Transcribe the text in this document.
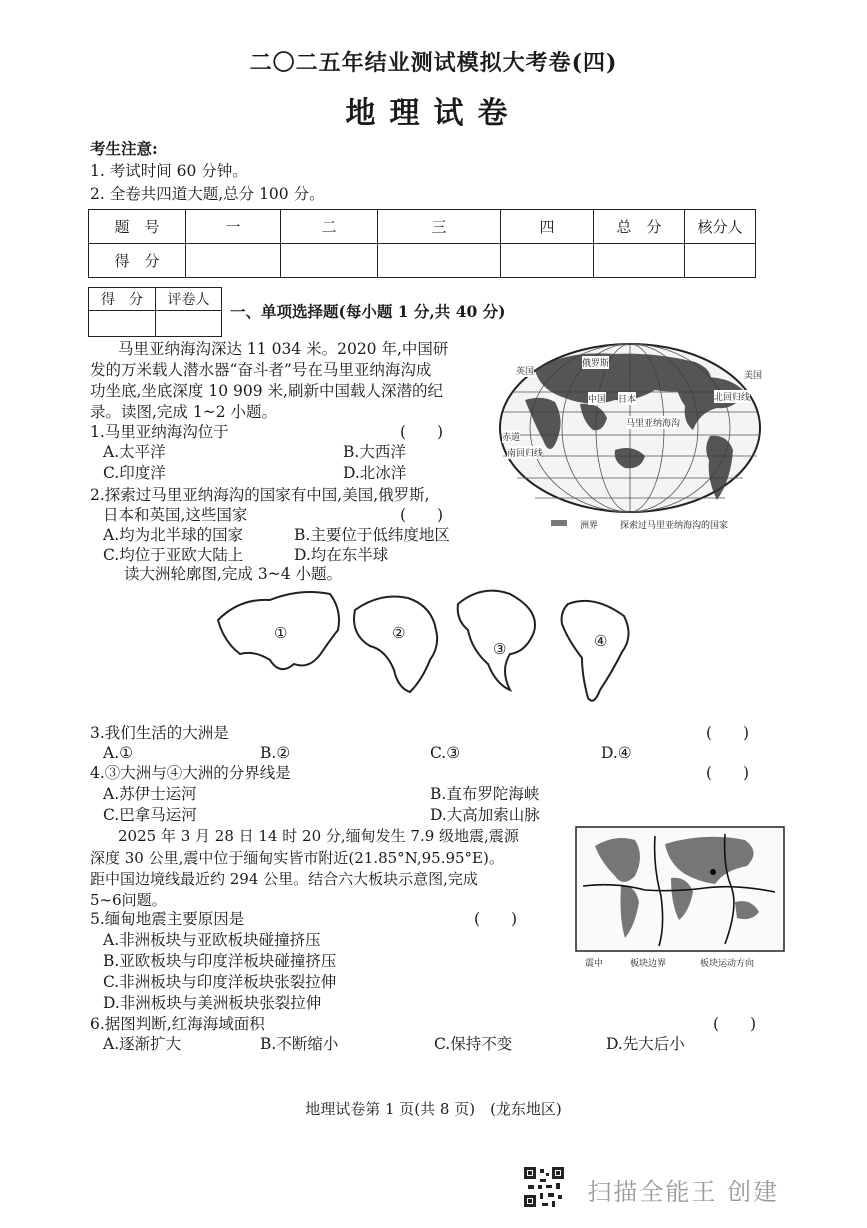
二〇二五年结业测试模拟大考卷(四)
地理试卷
考生注意:
1. 考试时间 60 分钟。
2. 全卷共四道大题,总分 100 分。
题　号	一	二	三	四	总　分	核分人
得　分						
得　分	评卷人

一、单项选择题(每小题 1 分,共 40 分)
马里亚纳海沟深达 11 034 米。2020 年,中国研
发的万米载人潜水器“奋斗者”号在马里亚纳海沟成
功坐底,坐底深度 10 909 米,刷新中国载人深潜的纪
录。读图,完成 1~2 小题。
1.马里亚纳海沟位于	(　　)
A.太平洋	B.大西洋
C.印度洋	D.北冰洋
2.探索过马里亚纳海沟的国家有中国,美国,俄罗斯,
日本和英国,这些国家	(　　)
A.均为北半球的国家	B.主要位于低纬度地区
C.均位于亚欧大陆上	D.均在东半球
英国
俄罗斯
中国 日本	北回归线
美国
马里亚纳海沟
赤道
南回归线
洲界 探索过马里亚纳海沟的国家
读大洲轮廓图,完成 3~4 小题。
①	②
③	④
3.我们生活的大洲是	(　　)
A.①	B.②	C.③	D.④
4.③大洲与④大洲的分界线是	(　　)
A.苏伊士运河	B.直布罗陀海峡
C.巴拿马运河	D.大高加索山脉
2025 年 3 月 28 日 14 时 20 分,缅甸发生 7.9 级地震,震源
深度 30 公里,震中位于缅甸实皆市附近(21.85°N,95.95°E)。
距中国边境线最近约 294 公里。结合六大板块示意图,完成
5~6问题。
震中	板块边界	板块运动方向
5.缅甸地震主要原因是	(　　)
A.非洲板块与亚欧板块碰撞挤压
B.亚欧板块与印度洋板块碰撞挤压
C.非洲板块与印度洋板块张裂拉伸
D.非洲板块与美洲板块张裂拉伸
6.据图判断,红海海域面积	(　　)
A.逐渐扩大	B.不断缩小	C.保持不变	D.先大后小
地理试卷第 1 页(共 8 页)　(龙东地区)
扫描全能王 创建
